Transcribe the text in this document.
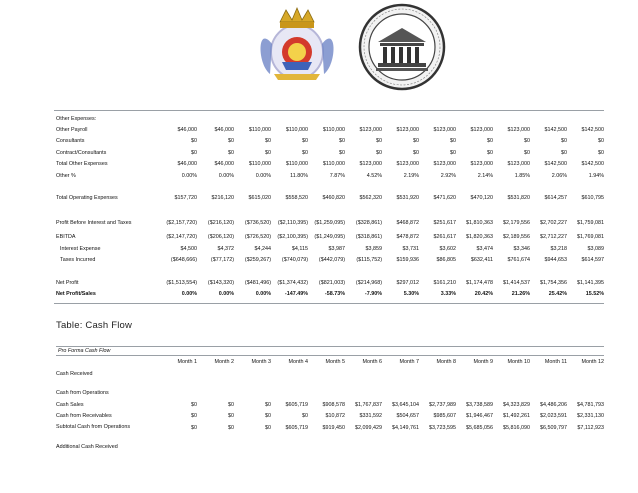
Other Expenses:												
Other Payroll	$46,000	$46,000	$110,000	$110,000	$110,000	$123,000	$123,000	$123,000	$123,000	$123,000	$142,500	$142,500
Consultants	$0	$0	$0	$0	$0	$0	$0	$0	$0	$0	$0	$0
Contract/Consultants	$0	$0	$0	$0	$0	$0	$0	$0	$0	$0	$0	$0
Total Other Expenses	$46,000	$46,000	$110,000	$110,000	$110,000	$123,000	$123,000	$123,000	$123,000	$123,000	$142,500	$142,500
Other %	0.00%	0.00%	0.00%	11.80%	7.87%	4.52%	2.19%	2.92%	2.14%	1.85%	2.06%	1.94%

Total Operating Expenses	$157,720	$216,120	$615,020	$558,520	$460,820	$562,320	$531,920	$471,620	$470,120	$531,820	$614,257	$610,795

Profit Before Interest and Taxes	($2,157,720)	($216,120)	($736,520)	($2,110,395)	($1,259,095)	($328,861)	$468,872	$251,617	$1,810,363	$2,179,556	$2,702,227	$1,759,081
EBITDA	($2,147,720)	($206,120)	($726,520)	($2,100,395)	($1,249,095)	($318,861)	$478,872	$261,617	$1,820,363	$2,189,556	$2,712,227	$1,769,081
Interest Expense	$4,500	$4,372	$4,244	$4,115	$3,987	$3,859	$3,731	$3,602	$3,474	$3,346	$3,218	$3,089
Taxes Incurred	($648,666)	($77,172)	($259,267)	($740,079)	($442,079)	($115,752)	$159,936	$86,805	$632,411	$761,674	$944,653	$614,597

Net Profit	($1,513,554)	($143,320)	($481,496)	($1,374,432)	($821,003)	($214,968)	$297,012	$161,210	$1,174,478	$1,414,537	$1,754,356	$1,141,395
Net Profit/Sales	0.00%	0.00%	0.00%	-147.49%	-58.73%	-7.90%	5.30%	3.33%	20.42%	21.26%	25.42%	15.52%
Table: Cash Flow
Pro Forma Cash Flow
	Month 1	Month 2	Month 3	Month 4	Month 5	Month 6	Month 7	Month 8	Month 9	Month 10	Month 11	Month 12
Cash Received												

Cash from Operations												
Cash Sales	$0	$0	$0	$605,719	$908,578	$1,767,837	$3,645,104	$2,737,989	$3,738,589	$4,323,829	$4,486,206	$4,781,793
Cash from Receivables	$0	$0	$0	$0	$10,872	$331,592	$504,657	$985,607	$1,946,467	$1,492,261	$2,023,591	$2,331,130
Subtotal Cash from Operations	$0	$0	$0	$605,719	$919,450	$2,099,429	$4,149,761	$3,723,595	$5,685,056	$5,816,090	$6,509,797	$7,112,923

Additional Cash Received												
